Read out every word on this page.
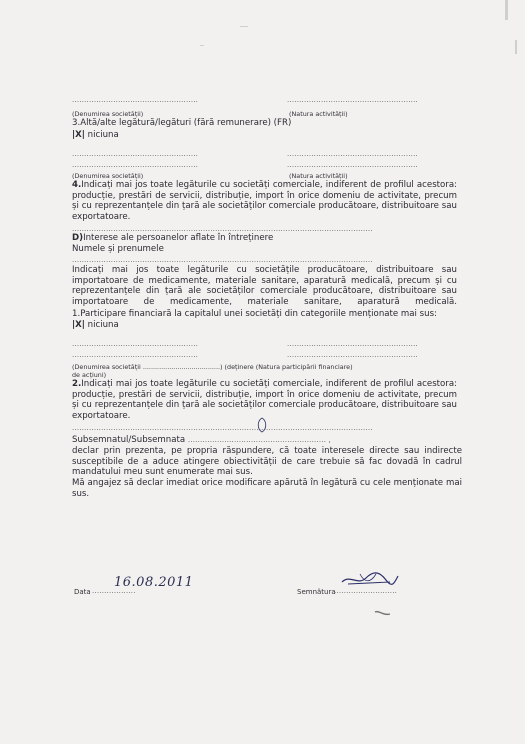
....................................................	......................................................
(Denumirea societății)	(Natura activității)
3.Altă/alte legătură/legături (fără remunerare) (FR)
|X| niciuna
....................................................	......................................................
....................................................	......................................................
(Denumirea societății)	(Natura activității)
4.Indicați mai jos toate legăturile cu societăți comerciale, indiferent de profilul acestora: producție, prestări de servicii, distribuție, import în orice domeniu de activitate, precum și cu reprezentanțele din țară ale societăților comerciale producătoare, distribuitoare sau exportatoare.
............................................................................................................................
D)Interese ale persoanelor aflate în întreținere
Numele și prenumele
............................................................................................................................
Indicați mai jos toate legăturile cu societățile producătoare, distribuitoare sau importatoare de medicamente, materiale sanitare, aparatură medicală, precum și cu reprezentanțele din țară ale societăților comerciale producătoare, distribuitoare sau importatoare de medicamente, materiale sanitare, aparatură medicală.
1.Participare financiară la capitalul unei societăți din categoriile menționate mai sus:
|X| niciuna
....................................................	......................................................
....................................................	......................................................
(Denumirea societății ......................................) (deținere (Natura participării financiare)
de acțiuni)
2.Indicați mai jos toate legăturile cu societăți comerciale, indiferent de profilul acestora: producție, prestări de servicii, distribuție, import în orice domeniu de activitate, precum și cu reprezentanțele din țară ale societăților comerciale producătoare, distribuitoare sau exportatoare.
............................................................................................................................
Subsemnatul/Subsemnata ......................................................... ,
declar prin prezenta, pe propria răspundere, că toate interesele directe sau indirecte susceptibile de a aduce atingere obiectivității de care trebuie să fac dovadă în cadrul mandatului meu sunt enumerate mai sus.
Mă angajez să declar imediat orice modificare apărută în legătură cu cele menționate mai sus.
Data ..................
16.08.2011
Semnătura
..........................
